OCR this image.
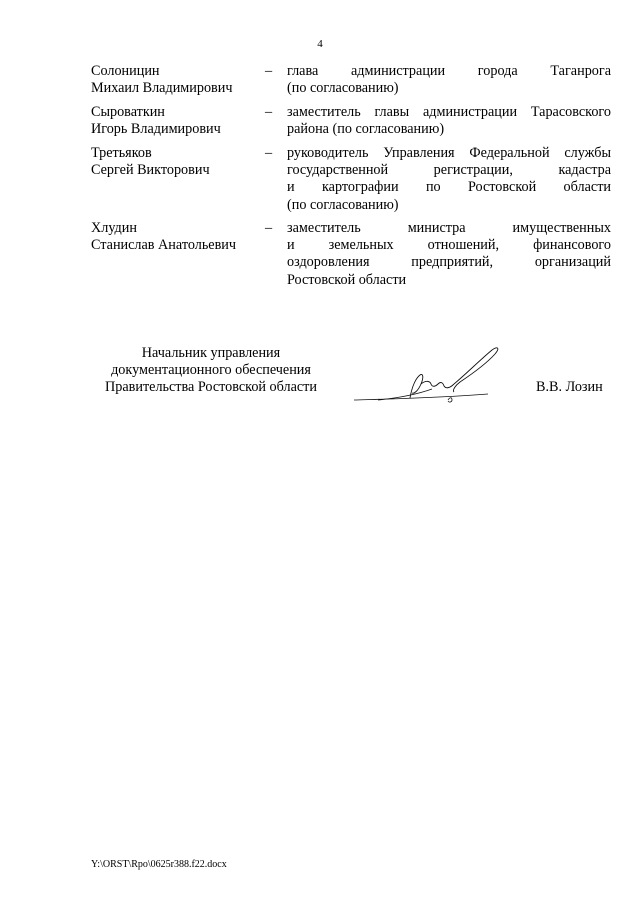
4
Солоницин
Михаил Владимирович
– глава администрации города Таганрога
(по согласованию)
Сыроваткин
Игорь Владимирович
– заместитель главы администрации Тарасовского
района (по согласованию)
Третьяков
Сергей Викторович
– руководитель Управления Федеральной службы
государственной регистрации, кадастра
и картографии по Ростовской области
(по согласованию)
Хлудин
Станислав Анатольевич
– заместитель министра имущественных
и земельных отношений, финансового
оздоровления предприятий, организаций
Ростовской области
Начальник управления
документационного обеспечения
Правительства Ростовской области	В.В. Лозин
Y:\ORST\Rpo\0625r388.f22.docx
